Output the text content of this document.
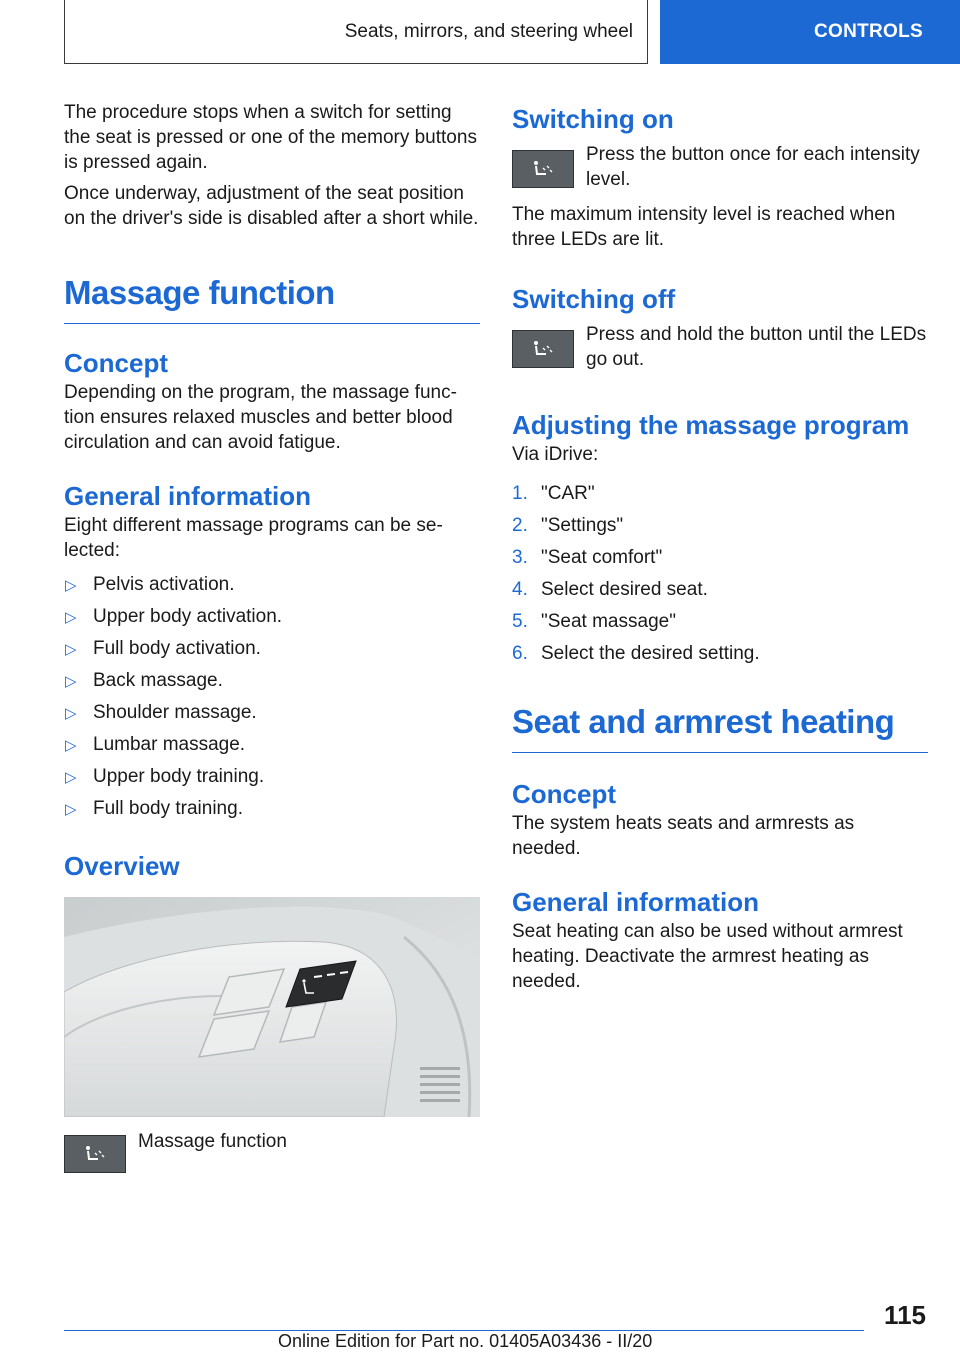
Seats, mirrors, and steering wheel	CONTROLS

The procedure stops when a switch for setting the seat is pressed or one of the memory buttons is pressed again.

Once underway, adjustment of the seat position on the driver's side is disabled after a short while.

Massage function
Concept

Depending on the program, the massage function ensures relaxed muscles and better blood circulation and can avoid fatigue.

General information

Eight different massage programs can be selected:

▷ Pelvis activation.
▷ Upper body activation.
▷ Full body activation.
▷ Back massage.
▷ Shoulder massage.
▷ Lumbar massage.
▷ Upper body training.
▷ Full body training.
Overview

Massage function

Switching on

Press the button once for each intensity level.

The maximum intensity level is reached when three LEDs are lit.

Switching off

Press and hold the button until the LEDs go out.

Adjusting the massage program

Via iDrive:

1. "CAR"
2. "Settings"
3. "Seat comfort"
4. Select desired seat.
5. "Seat massage"
6. Select the desired setting.
Seat and armrest heating
Concept

The system heats seats and armrests as needed.

General information

Seat heating can also be used without armrest heating. Deactivate the armrest heating as needed.

115
Online Edition for Part no. 01405A03436 - II/20
